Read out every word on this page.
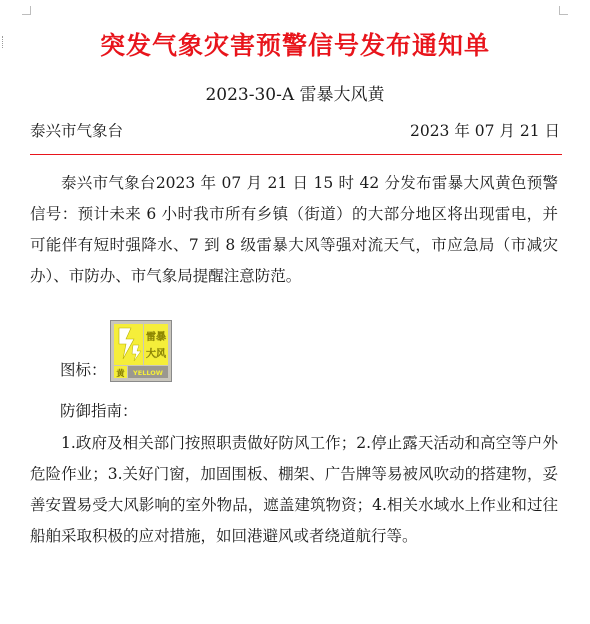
突发气象灾害预警信号发布通知单
2023-30-A 雷暴大风黄
泰兴市气象台	2023 年 07 月 21 日
泰兴市气象台2023 年 07 月 21 日 15 时 42 分发布雷暴大风黄色预警信号：预计未来 6 小时我市所有乡镇（街道）的大部分地区将出现雷电，并可能伴有短时强降水、7 到 8 级雷暴大风等强对流天气，市应急局（市减灾办）、市防办、市气象局提醒注意防范。
图标：
雷暴
大风
黄 YELLOW
防御指南：
1.政府及相关部门按照职责做好防风工作；2.停止露天活动和高空等户外危险作业；3.关好门窗，加固围板、棚架、广告牌等易被风吹动的搭建物，妥善安置易受大风影响的室外物品，遮盖建筑物资；4.相关水域水上作业和过往船舶采取积极的应对措施，如回港避风或者绕道航行等。
